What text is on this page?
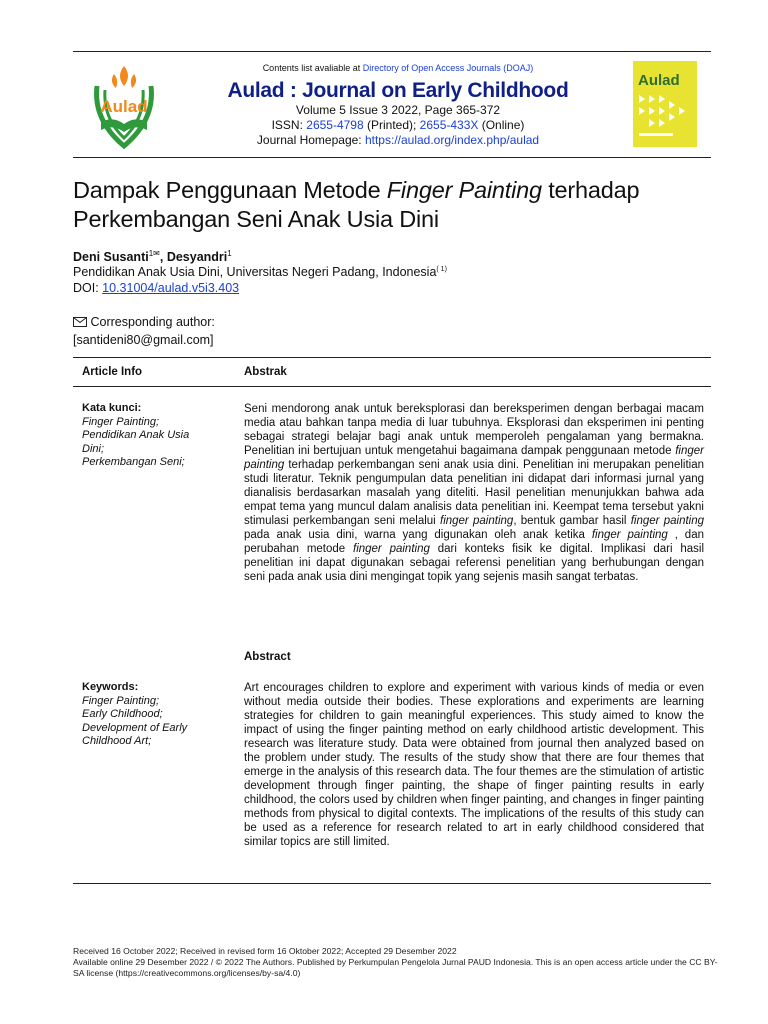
Aulad
Contents list avaliable at Directory of Open Access Journals (DOAJ)
Aulad : Journal on Early Childhood
Volume 5 Issue 3 2022, Page 365-372
ISSN: 2655-4798 (Printed); 2655-433X (Online)
Journal Homepage: https://aulad.org/index.php/aulad
Aulad
Dampak Penggunaan Metode Finger Painting terhadap
Perkembangan Seni Anak Usia Dini
Deni Susanti$^{1✉}$, Desyandri$^1$
Pendidikan Anak Usia Dini, Universitas Negeri Padang, Indonesia$^{( 1)}$
DOI: 10.31004/aulad.v5i3.403
Corresponding author:
[santideni80@gmail.com]
Article Info	Abstrak
Kata kunci:
Finger Painting;
Pendidikan Anak Usia
Dini;
Perkembangan Seni;
Seni mendorong anak untuk bereksplorasi dan bereksperimen dengan berbagai macam media atau bahkan tanpa media di luar tubuhnya. Eksplorasi dan eksperimen ini penting sebagai strategi belajar bagi anak untuk memperoleh pengalaman yang bermakna. Penelitian ini bertujuan untuk mengetahui bagaimana dampak penggunaan metode finger painting terhadap perkembangan seni anak usia dini. Penelitian ini merupakan penelitian studi literatur. Teknik pengumpulan data penelitian ini didapat dari informasi jurnal yang dianalisis berdasarkan masalah yang diteliti. Hasil penelitian menunjukkan bahwa ada empat tema yang muncul dalam analisis data penelitian ini. Keempat tema tersebut yakni stimulasi perkembangan seni melalui finger painting, bentuk gambar hasil finger painting pada anak usia dini, warna yang digunakan oleh anak ketika finger painting , dan perubahan metode finger painting dari konteks fisik ke digital. Implikasi dari hasil penelitian ini dapat digunakan sebagai referensi penelitian yang berhubungan dengan seni pada anak usia dini mengingat topik yang sejenis masih sangat terbatas.
Abstract
Keywords:
Finger Painting;
Early Childhood;
Development of Early
Childhood Art;
Art encourages children to explore and experiment with various kinds of media or even without media outside their bodies. These explorations and experiments are learning strategies for children to gain meaningful experiences. This study aimed to know the impact of using the finger painting method on early childhood artistic development. This research was literature study. Data were obtained from journal then analyzed based on the problem under study. The results of the study show that there are four themes that emerge in the analysis of this research data. The four themes are the stimulation of artistic development through finger painting, the shape of finger painting results in early childhood, the colors used by children when finger painting, and changes in finger painting methods from physical to digital contexts. The implications of the results of this study can be used as a reference for research related to art in early childhood considered that similar topics are still limited.
Received 16 October 2022; Received in revised form 16 Oktober 2022; Accepted 29 Desember 2022
Available online 29 Desember 2022 / © 2022 The Authors. Published by Perkumpulan Pengelola Jurnal PAUD Indonesia. This is an open access article under the CC BY-SA license (https://creativecommons.org/licenses/by-sa/4.0)
